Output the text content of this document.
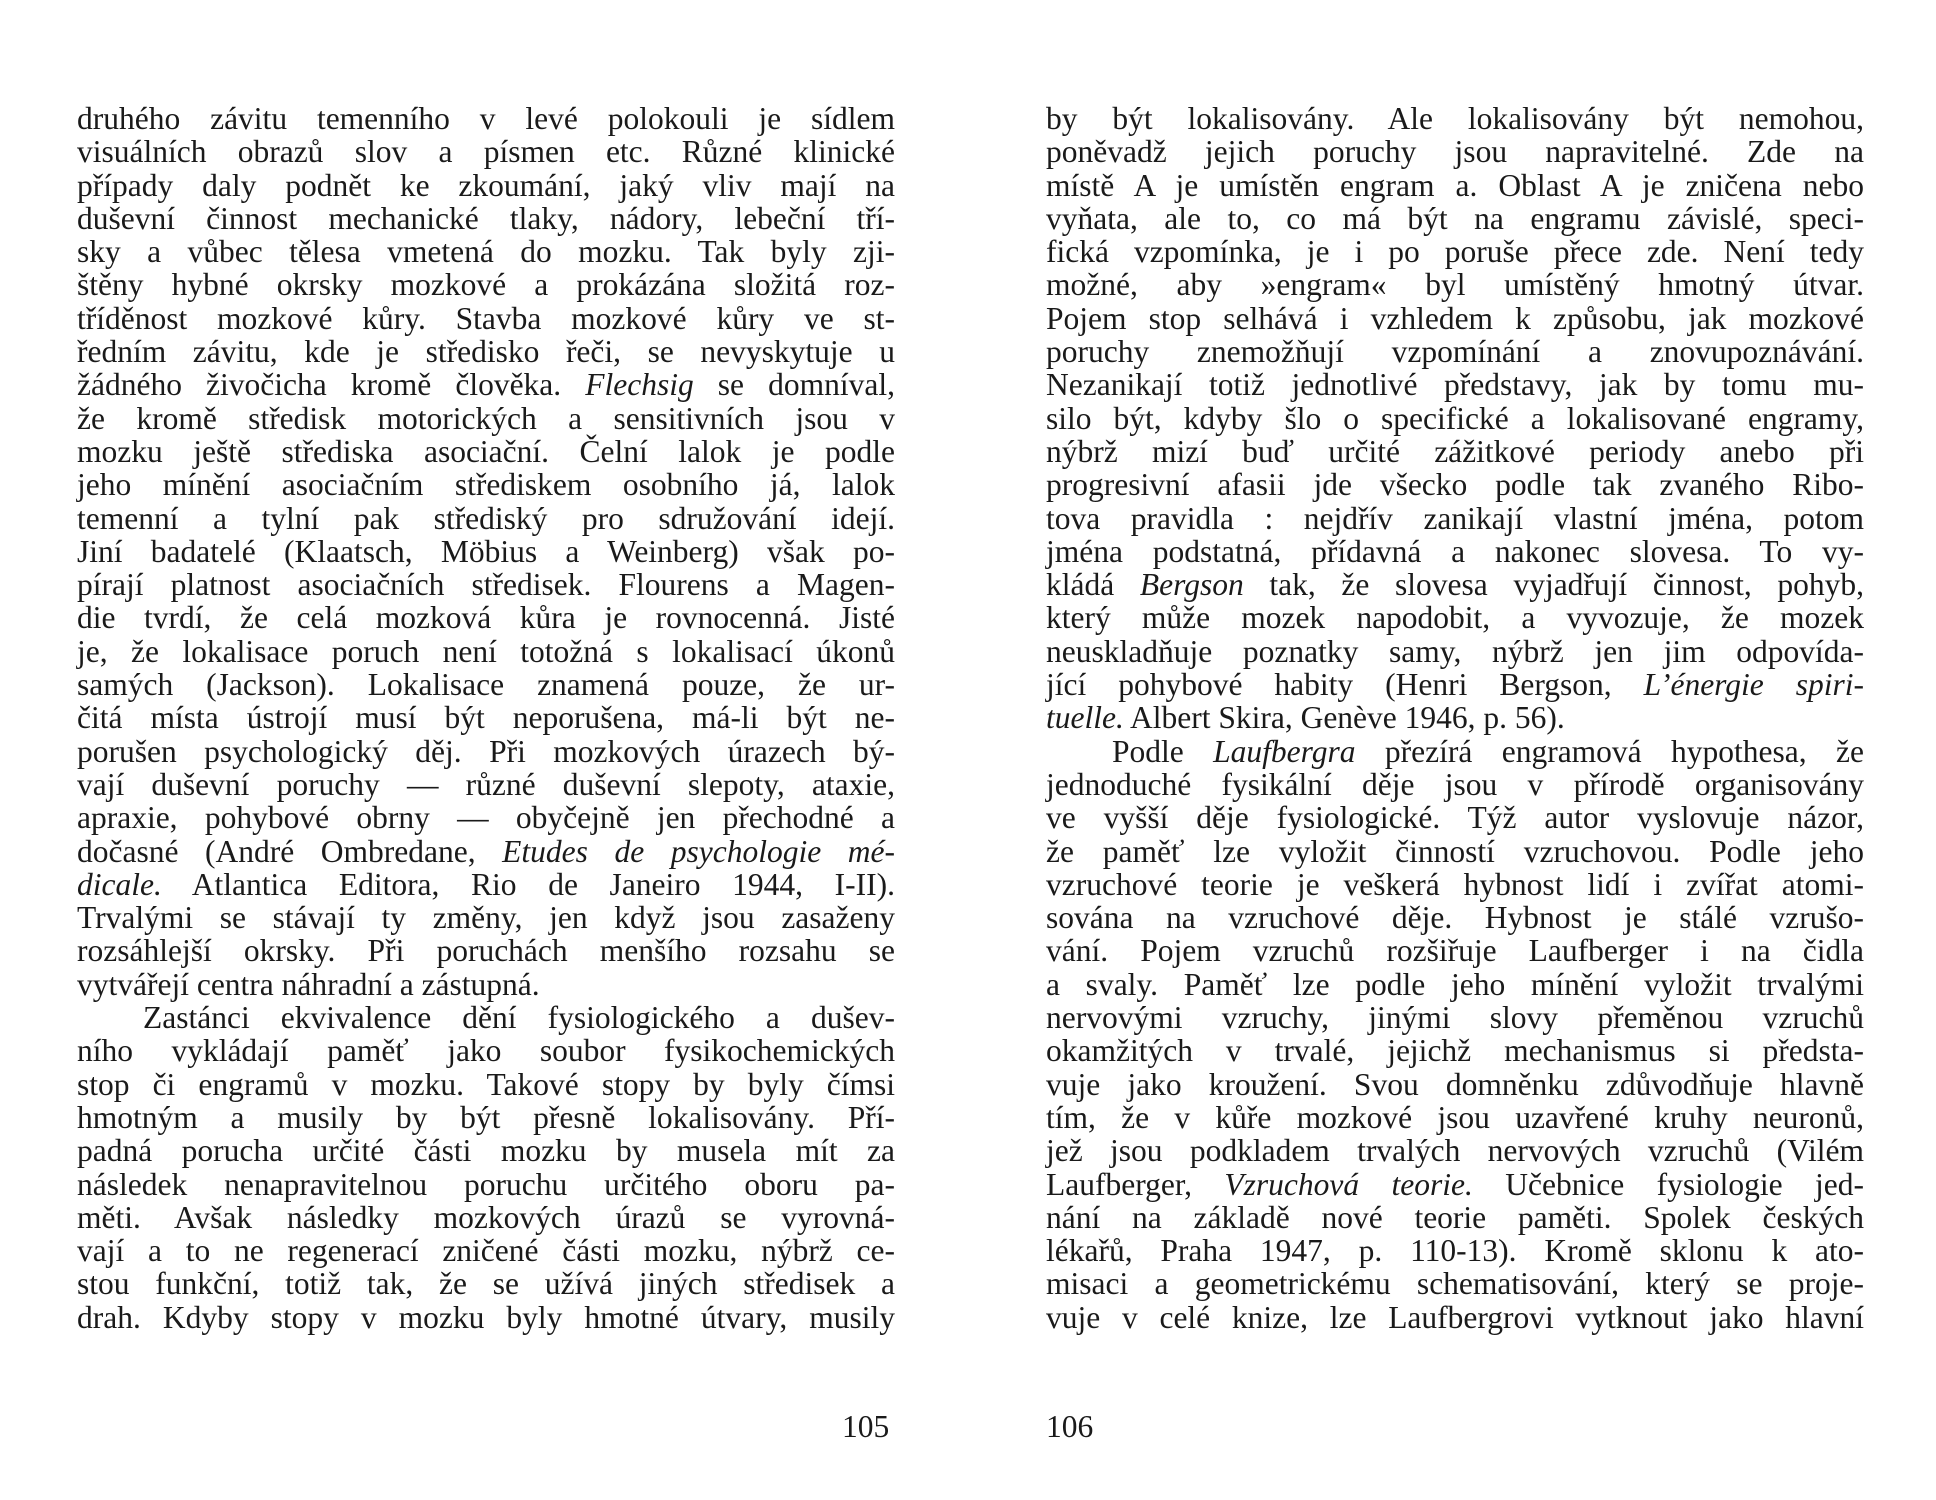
druhého závitu temenního v levé polokouli je sídlem
visuálních obrazů slov a písmen etc. Různé klinické
případy daly podnět ke zkoumání, jaký vliv mají na
duševní činnost mechanické tlaky, nádory, lebeční tří-
sky a vůbec tělesa vmetená do mozku. Tak byly zji-
štěny hybné okrsky mozkové a prokázána složitá roz-
tříděnost mozkové kůry. Stavba mozkové kůry ve st-
ředním závitu, kde je středisko řeči, se nevyskytuje u
žádného živočicha kromě člověka. Flechsig se domníval,
že kromě středisk motorických a sensitivních jsou v
mozku ještě střediska asociační. Čelní lalok je podle
jeho mínění asociačním střediskem osobního já, lalok
temenní a tylní pak střediský pro sdružování idejí.
Jiní badatelé (Klaatsch, Möbius a Weinberg) však po-
pírají platnost asociačních středisek. Flourens a Magen-
die tvrdí, že celá mozková kůra je rovnocenná. Jisté
je, že lokalisace poruch není totožná s lokalisací úkonů
samých (Jackson). Lokalisace znamená pouze, že ur-
čitá místa ústrojí musí být neporušena, má-li být ne-
porušen psychologický děj. Při mozkových úrazech bý-
vají duševní poruchy — různé duševní slepoty, ataxie,
apraxie, pohybové obrny — obyčejně jen přechodné a
dočasné (André Ombredane, Etudes de psychologie mé-
dicale. Atlantica Editora, Rio de Janeiro 1944, I-II).
Trvalými se stávají ty změny, jen když jsou zasaženy
rozsáhlejší okrsky. Při poruchách menšího rozsahu se
vytvářejí centra náhradní a zástupná.
Zastánci ekvivalence dění fysiologického a dušev-
ního vykládají paměť jako soubor fysikochemických
stop či engramů v mozku. Takové stopy by byly čímsi
hmotným a musily by být přesně lokalisovány. Pří-
padná porucha určité části mozku by musela mít za
následek nenapravitelnou poruchu určitého oboru pa-
měti. Avšak následky mozkových úrazů se vyrovná-
vají a to ne regenerací zničené části mozku, nýbrž ce-
stou funkční, totiž tak, že se užívá jiných středisek a
drah. Kdyby stopy v mozku byly hmotné útvary, musily
105
by být lokalisovány. Ale lokalisovány být nemohou,
poněvadž jejich poruchy jsou napravitelné. Zde na
místě A je umístěn engram a. Oblast A je zničena nebo
vyňata, ale to, co má být na engramu závislé, speci-
fická vzpomínka, je i po poruše přece zde. Není tedy
možné, aby »engram« byl umístěný hmotný útvar.
Pojem stop selhává i vzhledem k způsobu, jak mozkové
poruchy znemožňují vzpomínání a znovupoznávání.
Nezanikají totiž jednotlivé představy, jak by tomu mu-
silo být, kdyby šlo o specifické a lokalisované engramy,
nýbrž mizí buď určité zážitkové periody anebo při
progresivní afasii jde všecko podle tak zvaného Ribo-
tova pravidla : nejdřív zanikají vlastní jména, potom
jména podstatná, přídavná a nakonec slovesa. To vy-
kládá Bergson tak, že slovesa vyjadřují činnost, pohyb,
který může mozek napodobit, a vyvozuje, že mozek
neuskladňuje poznatky samy, nýbrž jen jim odpovída-
jící pohybové habity (Henri Bergson, L’énergie spiri-
tuelle. Albert Skira, Genève 1946, p. 56).
Podle Laufbergra přezírá engramová hypothesa, že
jednoduché fysikální děje jsou v přírodě organisovány
ve vyšší děje fysiologické. Týž autor vyslovuje názor,
že paměť lze vyložit činností vzruchovou. Podle jeho
vzruchové teorie je veškerá hybnost lidí i zvířat atomi-
sována na vzruchové děje. Hybnost je stálé vzrušo-
vání. Pojem vzruchů rozšiřuje Laufberger i na čidla
a svaly. Paměť lze podle jeho mínění vyložit trvalými
nervovými vzruchy, jinými slovy přeměnou vzruchů
okamžitých v trvalé, jejichž mechanismus si předsta-
vuje jako kroužení. Svou domněnku zdůvodňuje hlavně
tím, že v kůře mozkové jsou uzavřené kruhy neuronů,
jež jsou podkladem trvalých nervových vzruchů (Vilém
Laufberger, Vzruchová teorie. Učebnice fysiologie jed-
nání na základě nové teorie paměti. Spolek českých
lékařů, Praha 1947, p. 110-13). Kromě sklonu k ato-
misaci a geometrickému schematisování, který se proje-
vuje v celé knize, lze Laufbergrovi vytknout jako hlavní
106
